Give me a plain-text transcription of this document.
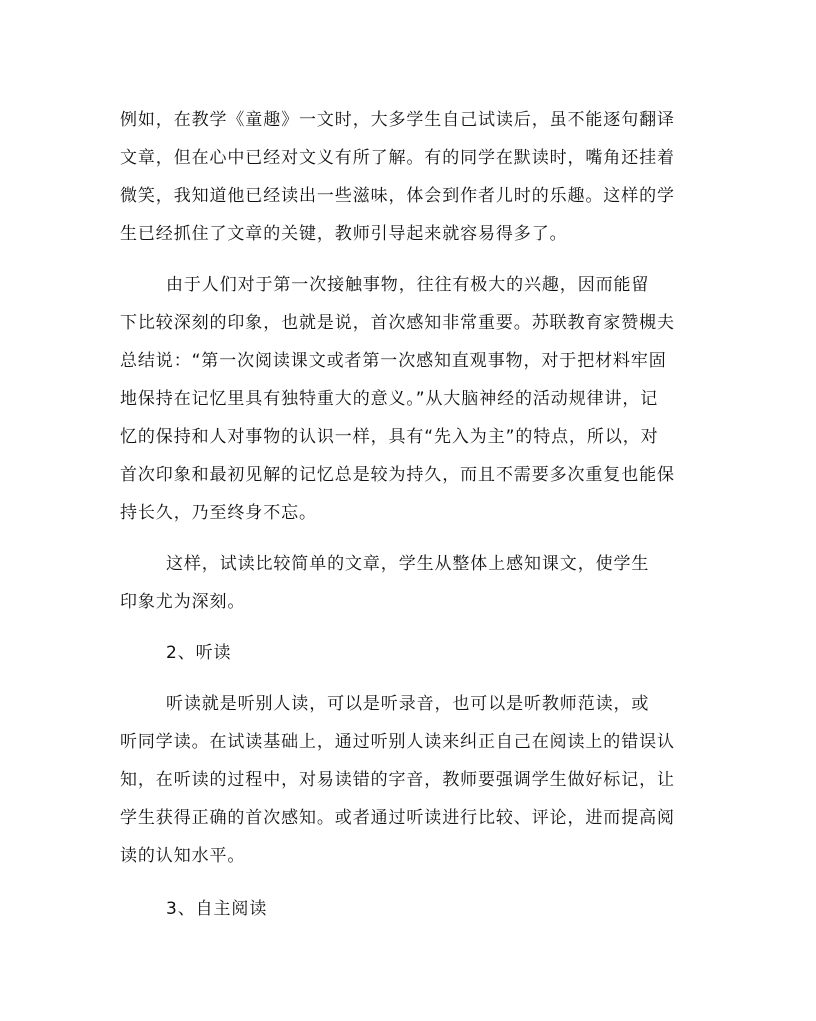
例如，在教学《童趣》一文时，大多学生自己试读后，虽不能逐句翻译
文章，但在心中已经对文义有所了解。有的同学在默读时，嘴角还挂着
微笑，我知道他已经读出一些滋味，体会到作者儿时的乐趣。这样的学
生已经抓住了文章的关键，教师引导起来就容易得多了。
由于人们对于第一次接触事物，往往有极大的兴趣，因而能留
下比较深刻的印象，也就是说，首次感知非常重要。苏联教育家赞槻夫
总结说：“第一次阅读课文或者第一次感知直观事物，对于把材料牢固
地保持在记忆里具有独特重大的意义。”从大脑神经的活动规律讲，记
忆的保持和人对事物的认识一样，具有“先入为主”的特点，所以，对
首次印象和最初见解的记忆总是较为持久，而且不需要多次重复也能保
持长久，乃至终身不忘。
这样，试读比较简单的文章，学生从整体上感知课文，使学生
印象尤为深刻。
2、听读
听读就是听别人读，可以是听录音，也可以是听教师范读，或
听同学读。在试读基础上，通过听别人读来纠正自己在阅读上的错误认
知，在听读的过程中，对易读错的字音，教师要强调学生做好标记，让
学生获得正确的首次感知。或者通过听读进行比较、评论，进而提高阅
读的认知水平。
3、自主阅读
